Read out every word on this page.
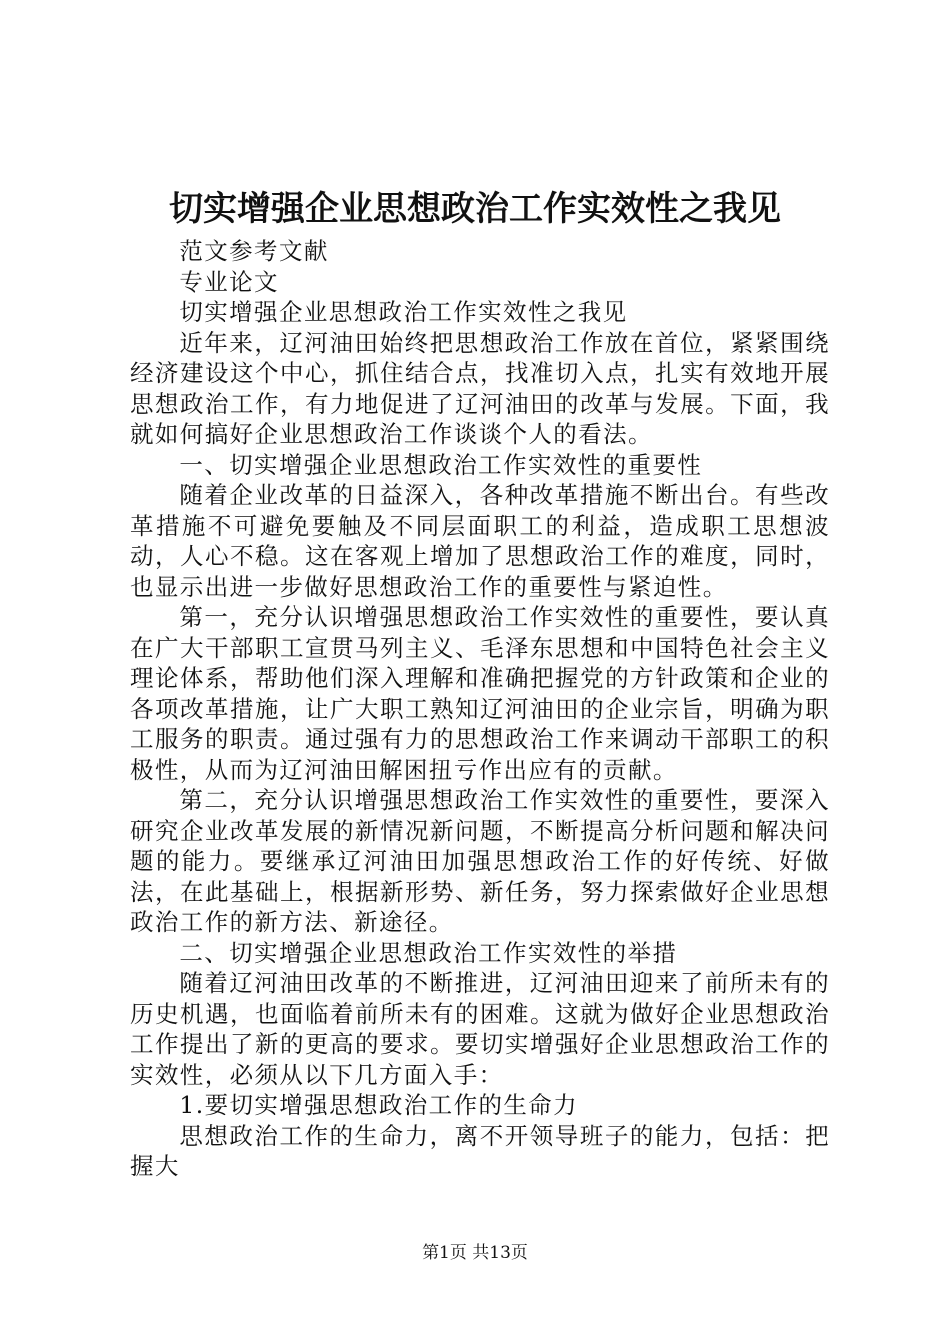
切实增强企业思想政治工作实效性之我见

范文参考文献

专业论文

切实增强企业思想政治工作实效性之我见

近年来，辽河油田始终把思想政治工作放在首位，紧紧围绕经济建设这个中心，抓住结合点，找准切入点，扎实有效地开展思想政治工作，有力地促进了辽河油田的改革与发展。下面，我就如何搞好企业思想政治工作谈谈个人的看法。

一、切实增强企业思想政治工作实效性的重要性

随着企业改革的日益深入，各种改革措施不断出台。有些改革措施不可避免要触及不同层面职工的利益，造成职工思想波动，人心不稳。这在客观上增加了思想政治工作的难度，同时，也显示出进一步做好思想政治工作的重要性与紧迫性。

第一，充分认识增强思想政治工作实效性的重要性，要认真在广大干部职工宣贯马列主义、毛泽东思想和中国特色社会主义理论体系，帮助他们深入理解和准确把握党的方针政策和企业的各项改革措施，让广大职工熟知辽河油田的企业宗旨，明确为职工服务的职责。通过强有力的思想政治工作来调动干部职工的积极性，从而为辽河油田解困扭亏作出应有的贡献。

第二，充分认识增强思想政治工作实效性的重要性，要深入研究企业改革发展的新情况新问题，不断提高分析问题和解决问题的能力。要继承辽河油田加强思想政治工作的好传统、好做法，在此基础上，根据新形势、新任务，努力探索做好企业思想政治工作的新方法、新途径。

二、切实增强企业思想政治工作实效性的举措

随着辽河油田改革的不断推进，辽河油田迎来了前所未有的历史机遇，也面临着前所未有的困难。这就为做好企业思想政治工作提出了新的更高的要求。要切实增强好企业思想政治工作的实效性，必须从以下几方面入手：

1.要切实增强思想政治工作的生命力

思想政治工作的生命力，离不开领导班子的能力，包括：把握大

第1页 共13页
